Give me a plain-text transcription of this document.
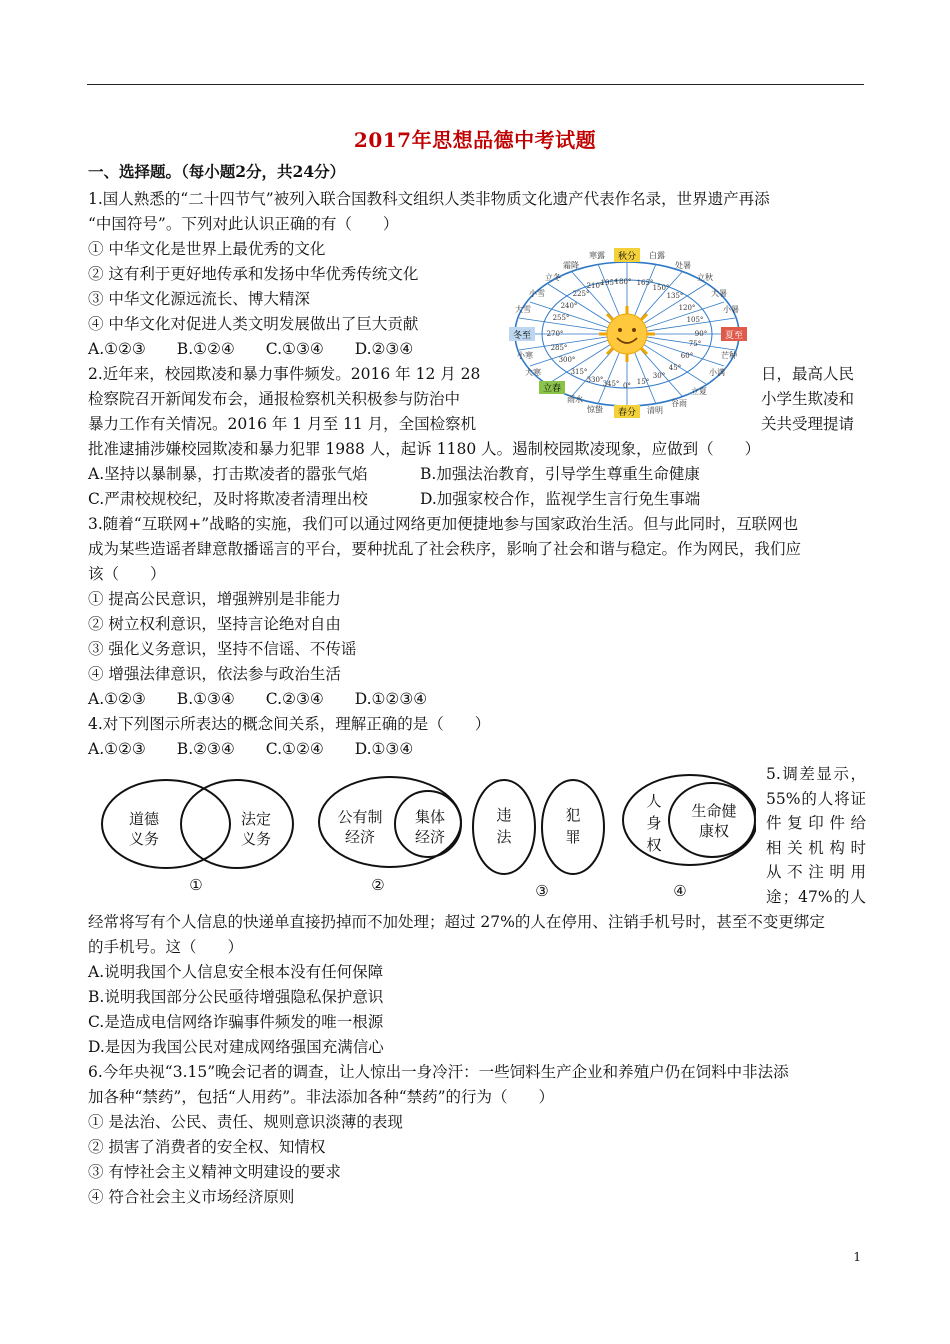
2017年思想品德中考试题
一、选择题。（每小题2分，共24分）
1.国人熟悉的“二十四节气”被列入联合国教科文组织人类非物质文化遗产代表作名录，世界遗产再添
“中国符号”。下列对此认识正确的有（　　）
① 中华文化是世界上最优秀的文化
② 这有利于更好地传承和发扬中华优秀传统文化
③ 中华文化源远流长、博大精深
④ 中华文化对促进人类文明发展做出了巨大贡献
A.①②③　　B.①②④　　C.①③④　　D.②③④
2.近年来，校园欺凌和暴力事件频发。2016 年 12 月 28	日，最高人民
检察院召开新闻发布会，通报检察机关积极参与防治中	小学生欺凌和
暴力工作有关情况。2016 年 1 月至 11 月，全国检察机	关共受理提请
批准逮捕涉嫌校园欺凌和暴力犯罪 1988 人，起诉 1180 人。遏制校园欺凌现象，应做到（　　）
A.坚持以暴制暴，打击欺凌者的嚣张气焰	B.加强法治教育，引导学生尊重生命健康
C.严肃校规校纪，及时将欺凌者清理出校	D.加强家校合作，监视学生言行免生事端
秋分
夏至
春分
冬至
立春
寒露
霜降
白露
处暑
立冬	立秋
小雪	大暑
大雪	小暑
小寒	芒种
大寒	小满
立夏
雨水	谷雨
惊蛰	清明
180°
195°
210°
225°
240°
255°
270°
285°
300°
315°
330° 345° 0° 15°
30°
45°
60°
75°
90°
105°
120°
135°
150°
165°
3.随着“互联网+”战略的实施，我们可以通过网络更加便捷地参与国家政治生活。但与此同时，互联网也
成为某些造谣者肆意散播谣言的平台，要种扰乱了社会秩序，影响了社会和谐与稳定。作为网民，我们应
该（　　）
① 提高公民意识，增强辨别是非能力
② 树立权利意识，坚持言论绝对自由
③ 强化义务意识，坚持不信谣、不传谣
④ 增强法律意识，依法参与政治生活
A.①②③　　B.①③④　　C.②③④　　D.①②③④
4.对下列图示所表达的概念间关系，理解正确的是（　　）
A.①②③　　B.②③④　　C.①②④　　D.①③④
道德
义务
法定
义务
公有制
经济
集体
经济
违
法
犯
罪
人
身
权
生命健
康权
①	②	③	④
5.调差显示，
55%的人将证
件复印件给
相关机构时
从不注明用
途；47%的人
经常将写有个人信息的快递单直接扔掉而不加处理；超过 27%的人在停用、注销手机号时，甚至不变更绑定
的手机号。这（　　）
A.说明我国个人信息安全根本没有任何保障
B.说明我国部分公民亟待增强隐私保护意识
C.是造成电信网络诈骗事件频发的唯一根源
D.是因为我国公民对建成网络强国充满信心
6.今年央视“3.15”晚会记者的调查，让人惊出一身冷汗：一些饲料生产企业和养殖户仍在饲料中非法添
加各种“禁药”，包括“人用药”。非法添加各种“禁药”的行为（　　）
① 是法治、公民、责任、规则意识淡薄的表现
② 损害了消费者的安全权、知情权
③ 有悖社会主义精神文明建设的要求
④ 符合社会主义市场经济原则
1
